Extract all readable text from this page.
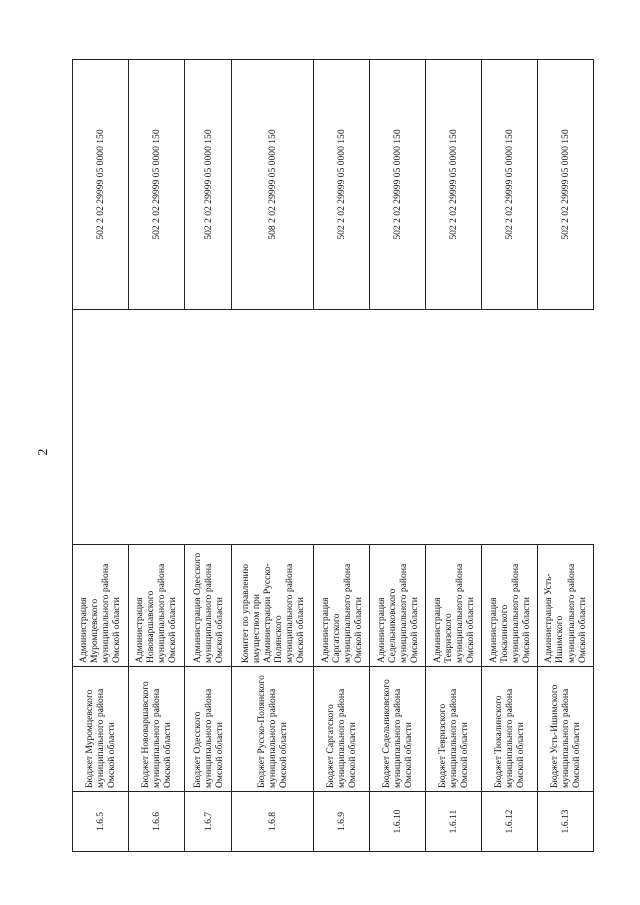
2
1.6.5	Бюджет Муромцевского муниципального района Омской области	Администрация Муромцевского муниципального района Омской области		502 2 02 29999 05 0000 150
1.6.6	Бюджет Нововаршавского муниципального района Омской области	Администрация Нововаршавского муниципального района Омской области		502 2 02 29999 05 0000 150
1.6.7	Бюджет Одесского муниципального района Омской области	Администрация Одесского муниципального района Омской области		502 2 02 29999 05 0000 150
1.6.8	Бюджет Русско-Полянского муниципального района Омской области	Комитет по управлению имуществом при Администрации Русско-Полянского муниципального района Омской области		508 2 02 29999 05 0000 150
1.6.9	Бюджет Саргатского муниципального района Омской области	Администрация Саргатского муниципального района Омской области		502 2 02 29999 05 0000 150
1.6.10	Бюджет Седельниковского муниципального района Омской области	Администрация Седельниковского муниципального района Омской области		502 2 02 29999 05 0000 150
1.6.11	Бюджет Тевризского муниципального района Омской области	Администрация Тевризского муниципального района Омской области		502 2 02 29999 05 0000 150
1.6.12	Бюджет Тюкалинского муниципального района Омской области	Администрация Тюкалинского муниципального района Омской области		502 2 02 29999 05 0000 150
1.6.13	Бюджет Усть-Ишимского муниципального района Омской области	Администрация Усть-Ишимского муниципального района Омской области		502 2 02 29999 05 0000 150
